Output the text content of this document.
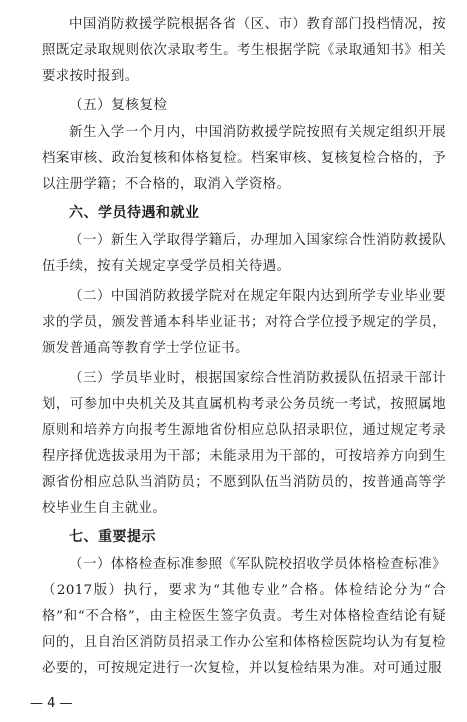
中国消防救援学院根据各省（区、市）教育部门投档情况，按照既定录取规则依次录取考生。考生根据学院《录取通知书》相关要求按时报到。

（五）复核复检

新生入学一个月内，中国消防救援学院按照有关规定组织开展档案审核、政治复核和体格复检。档案审核、复核复检合格的，予以注册学籍；不合格的，取消入学资格。

六、学员待遇和就业

（一）新生入学取得学籍后，办理加入国家综合性消防救援队伍手续，按有关规定享受学员相关待遇。

（二）中国消防救援学院对在规定年限内达到所学专业毕业要求的学员，颁发普通本科毕业证书；对符合学位授予规定的学员，颁发普通高等教育学士学位证书。

（三）学员毕业时，根据国家综合性消防救援队伍招录干部计划，可参加中央机关及其直属机构考录公务员统一考试，按照属地原则和培养方向报考生源地省份相应总队招录职位，通过规定考录程序择优选拔录用为干部；未能录用为干部的，可按培养方向到生源省份相应总队当消防员；不愿到队伍当消防员的，按普通高等学校毕业生自主就业。

七、重要提示

（一）体格检查标准参照《军队院校招收学员体格检查标准》（2017版）执行，要求为“其他专业”合格。体检结论分为“合格”和“不合格”，由主检医生签字负责。考生对体格检查结论有疑问的，且自治区消防员招录工作办公室和体格检医院均认为有复检必要的，可按规定进行一次复检，并以复检结果为准。对可通过服

— 4 —
